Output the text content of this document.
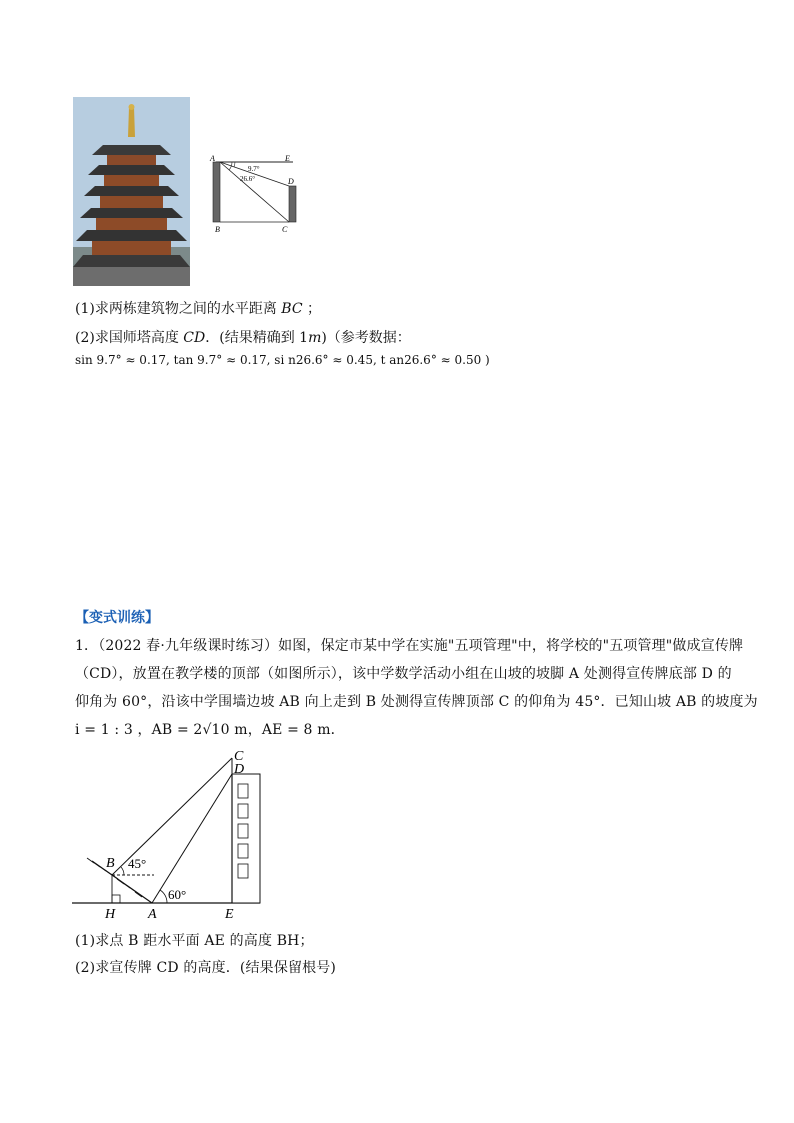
A	E
D
B	C
9.7°
26.6°
(1)求两栋建筑物之间的水平距离 BC ；
(2)求国师塔高度 CD．(结果精确到 1m)（参考数据：
sin 9.7° ≈ 0.17, tan 9.7° ≈ 0.17, si n26.6° ≈ 0.45, t an26.6° ≈ 0.50 )
【变式训练】
1．（2022 春·九年级课时练习）如图，保定市某中学在实施"五项管理"中，将学校的"五项管理"做成宣传牌
（CD），放置在教学楼的顶部（如图所示），该中学数学活动小组在山坡的坡脚 A 处测得宣传牌底部 D 的
仰角为 60°，沿该中学围墙边坡 AB 向上走到 B 处测得宣传牌顶部 C 的仰角为 45°．已知山坡 AB 的坡度为
i = 1 : 3 ，AB = 2√10 m，AE = 8 m．
C
D
B
H A	E
45°
60°
(1)求点 B 距水平面 AE 的高度 BH；
(2)求宣传牌 CD 的高度．(结果保留根号)
